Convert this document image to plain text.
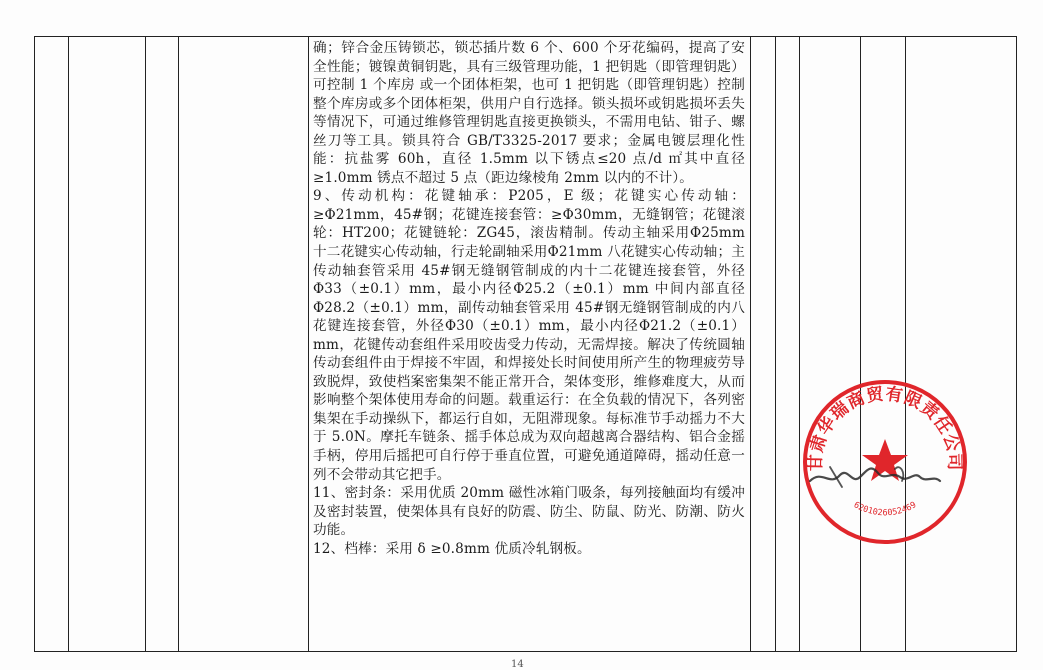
确；锌合金压铸锁芯，锁芯插片数 6 个、600 个牙花编码，提高了安全性能；镀镍黄铜钥匙，具有三级管理功能，1 把钥匙（即管理钥匙）可控制 1 个库房 或一个团体柜架，也可 1 把钥匙（即管理钥匙）控制整个库房或多个团体柜架，供用户自行选择。锁头损坏或钥匙损坏丢失等情况下，可通过维修管理钥匙直接更换锁头，不需用电钻、钳子、螺丝刀等工具。锁具符合 GB/T3325-2017 要求；金属电镀层理化性能：抗盐雾 60h，直径 1.5mm 以下锈点≤20 点/d ㎡其中直径≥1.0mm 锈点不超过 5 点（距边缘棱角 2mm 以内的不计）。

9、传动机构：花键轴承：P205，E 级；花键实心传动轴：≥Φ21mm，45#钢；花键连接套管：≥Φ30mm，无缝钢管；花键滚轮：HT200；花键链轮：ZG45，滚齿精制。传动主轴采用Φ25mm 十二花键实心传动轴，行走轮副轴采用Φ21mm 八花键实心传动轴；主传动轴套管采用 45#钢无缝钢管制成的内十二花键连接套管，外径Φ33（±0.1）mm，最小内径Φ25.2（±0.1）mm 中间内部直径Φ28.2（±0.1）mm，副传动轴套管采用 45#钢无缝钢管制成的内八花键连接套管，外径Φ30（±0.1）mm，最小内径Φ21.2（±0.1） mm，花键传动套组件采用咬齿受力传动，无需焊接。解决了传统圆轴传动套组件由于焊接不牢固，和焊接处长时间使用所产生的物理疲劳导致脱焊，致使档案密集架不能正常开合，架体变形，维修难度大，从而影响整个架体使用寿命的问题。载重运行：在全负载的情况下，各列密集架在手动操纵下，都运行自如，无阻滞现象。每标准节手动摇力不大于 5.0N。摩托车链条、摇手体总成为双向超越离合器结构、铝合金摇手柄，停用后摇把可自行停于垂直位置，可避免通道障碍，摇动任意一列不会带动其它把手。

11、密封条：采用优质 20mm 磁性冰箱门吸条，每列接触面均有缓冲及密封装置，使架体具有良好的防震、防尘、防鼠、防光、防潮、防火功能。

12、档棒：采用 δ ≥0.8mm 优质冷轧钢板。

甘肃华瑞商贸有限责任公司
6201026052469
14
